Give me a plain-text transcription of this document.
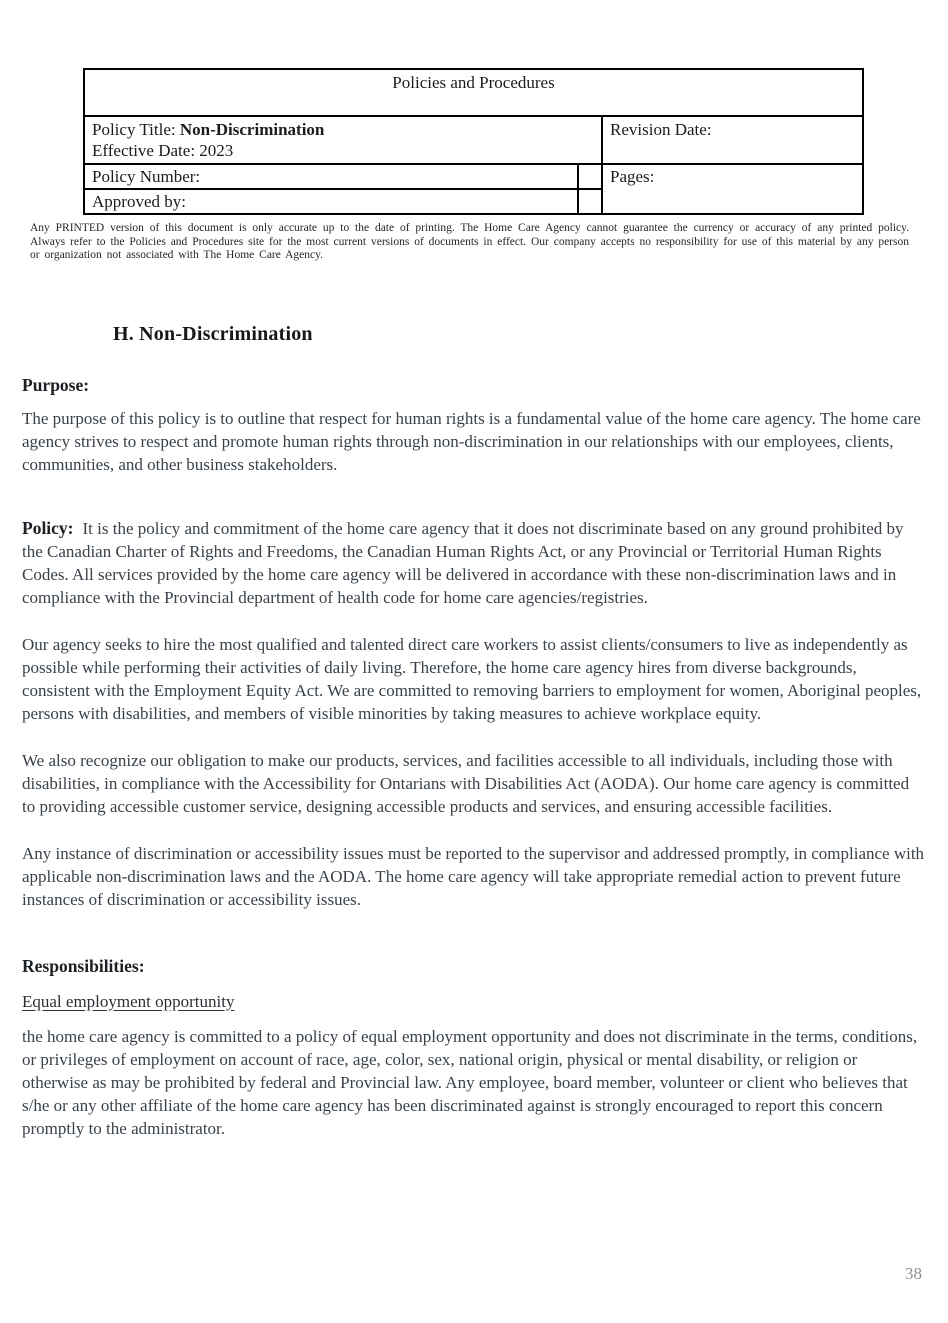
Policies and Procedures		

Policy Title: Non-Discrimination
Effective Date: 2023		Revision Date:
Policy Number:		Pages:
Approved by:		

Any PRINTED version of this document is only accurate up to the date of printing. The Home Care Agency cannot guarantee the currency or accuracy of any printed policy. Always refer to the Policies and Procedures site for the most current versions of documents in effect. Our company accepts no responsibility for use of this material by any person or organization not associated with The Home Care Agency.

H. Non-Discrimination

Purpose:

The purpose of this policy is to outline that respect for human rights is a fundamental value of the home care agency. The home care agency strives to respect and promote human rights through non-discrimination in our relationships with our employees, clients, communities, and other business stakeholders.

Policy: It is the policy and commitment of the home care agency that it does not discriminate based on any ground prohibited by the Canadian Charter of Rights and Freedoms, the Canadian Human Rights Act, or any Provincial or Territorial Human Rights Codes. All services provided by the home care agency will be delivered in accordance with these non-discrimination laws and in compliance with the Provincial department of health code for home care agencies/registries.

Our agency seeks to hire the most qualified and talented direct care workers to assist clients/consumers to live as independently as possible while performing their activities of daily living. Therefore, the home care agency hires from diverse backgrounds, consistent with the Employment Equity Act. We are committed to removing barriers to employment for women, Aboriginal peoples, persons with disabilities, and members of visible minorities by taking measures to achieve workplace equity.

We also recognize our obligation to make our products, services, and facilities accessible to all individuals, including those with disabilities, in compliance with the Accessibility for Ontarians with Disabilities Act (AODA). Our home care agency is committed to providing accessible customer service, designing accessible products and services, and ensuring accessible facilities.

Any instance of discrimination or accessibility issues must be reported to the supervisor and addressed promptly, in compliance with applicable non-discrimination laws and the AODA. The home care agency will take appropriate remedial action to prevent future instances of discrimination or accessibility issues.

Responsibilities:

Equal employment opportunity

the home care agency is committed to a policy of equal employment opportunity and does not discriminate in the terms, conditions, or privileges of employment on account of race, age, color, sex, national origin, physical or mental disability, or religion or otherwise as may be prohibited by federal and Provincial law. Any employee, board member, volunteer or client who believes that s/he or any other affiliate of the home care agency has been discriminated against is strongly encouraged to report this concern promptly to the administrator.

38
